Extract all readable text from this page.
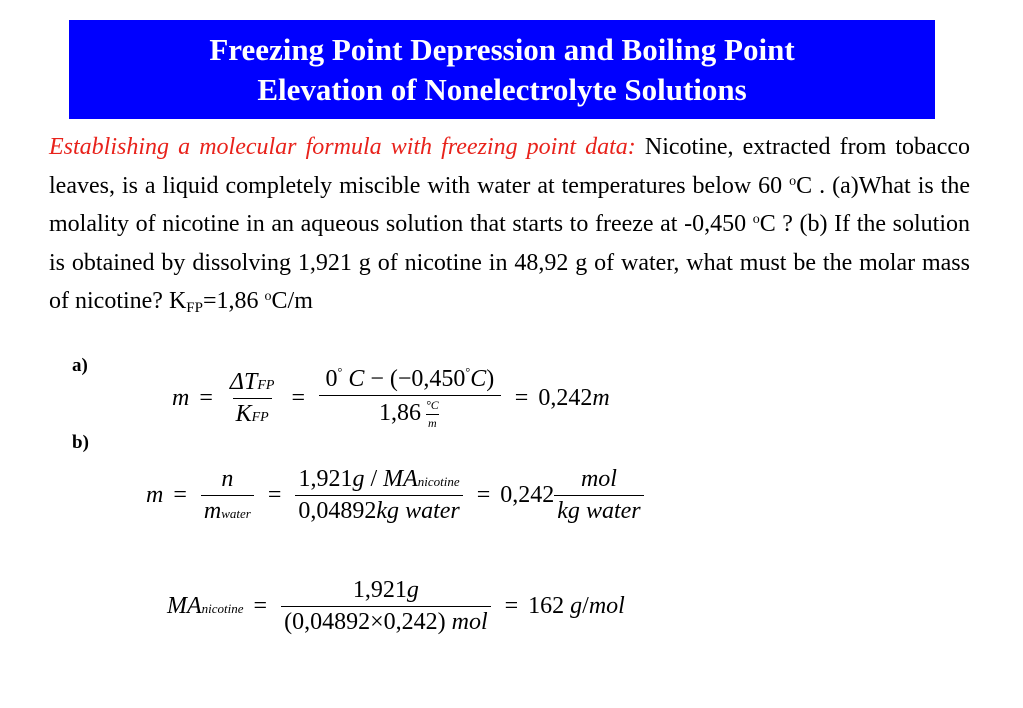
Freezing Point Depression and Boiling Point
Elevation of Nonelectrolyte Solutions
Establishing a molecular formula with freezing point data: Nicotine, extracted from tobacco leaves, is a liquid completely miscible with water at temperatures below 60 $^o$C . (a)What is the molality of nicotine in an aqueous solution that starts to freeze at -0,450 $^o$C ? (b) If the solution is obtained by dissolving 1,921 g of nicotine in 48,92 g of water, what must be the molar mass of nicotine? $K_{FP}=1,86$ $^o$C/m
a)
$m = \frac{\text{ΔTFP}}{\text{KFP}} = \frac{0^\circ C - (-0,450^\circ C)}{1,86 \frac{^\circ C}{m}} = 0,242$ m
b)
$m = \frac{n}{\text{mwater}} = \frac{\text{1,921g / MAnicotine}}{\text{0,04892kg water}} = 0,242 \frac{\text{mol}}{\text{kg water}}$
MAnicotine = $\frac{1,921g}{\text{(0,04892×0,242) mol}} = 162$
g / mol
